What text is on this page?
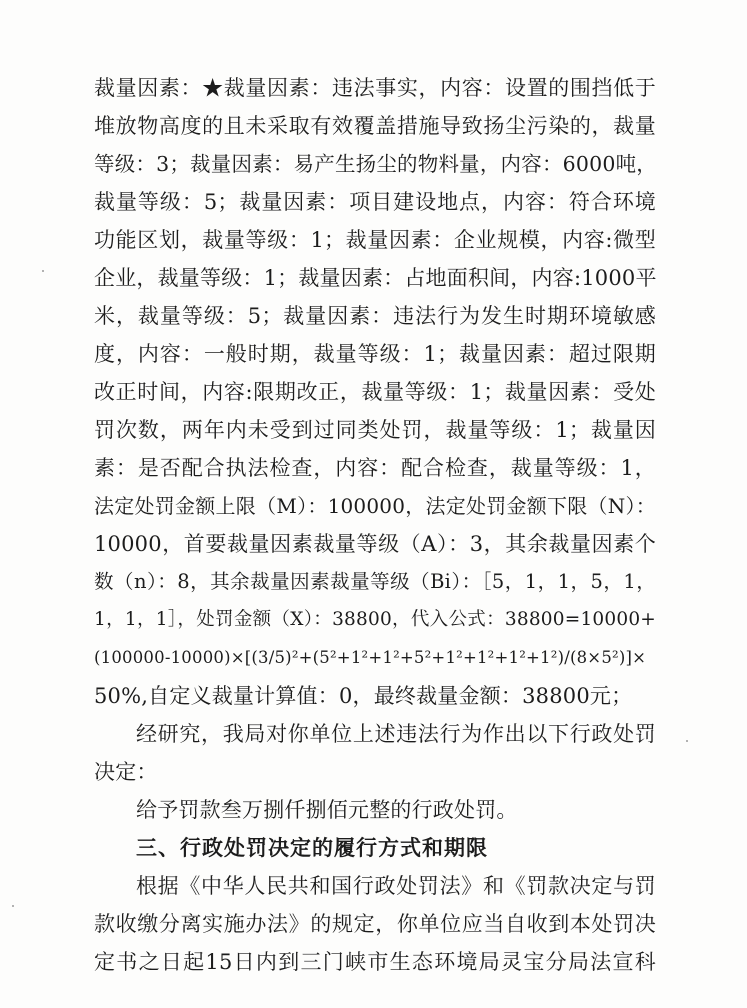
裁量因素：★裁量因素：违法事实，内容：设置的围挡低于
堆放物高度的且未采取有效覆盖措施导致扬尘污染的，裁量
等级：3；裁量因素：易产生扬尘的物料量，内容：6000吨，
裁量等级：5；裁量因素：项目建设地点，内容：符合环境
功能区划，裁量等级：1；裁量因素：企业规模，内容:微型
企业，裁量等级：1；裁量因素：占地面积间，内容:1000平
米，裁量等级：5；裁量因素：违法行为发生时期环境敏感
度，内容：一般时期，裁量等级：1；裁量因素：超过限期
改正时间，内容:限期改正，裁量等级：1；裁量因素：受处
罚次数，两年内未受到过同类处罚，裁量等级：1；裁量因
素：是否配合执法检查，内容：配合检查，裁量等级：1，
法定处罚金额上限（M）：100000，法定处罚金额下限（N）：
10000，首要裁量因素裁量等级（A）：3，其余裁量因素个
数（n）：8，其余裁量因素裁量等级（Bi）：［5，1，1，5，1，
1，1，1］，处罚金额（X）：38800，代入公式：38800=10000+
(100000-10000)×[(3/5)²+(5²+1²+1²+5²+1²+1²+1²+1²)/(8×5²)]×
50%,自定义裁量计算值：0，最终裁量金额：38800元；
经研究，我局对你单位上述违法行为作出以下行政处罚
决定：
给予罚款叁万捌仟捌佰元整的行政处罚。
三、行政处罚决定的履行方式和期限
根据《中华人民共和国行政处罚法》和《罚款决定与罚
款收缴分离实施办法》的规定，你单位应当自收到本处罚决
定书之日起15日内到三门峡市生态环境局灵宝分局法宣科
